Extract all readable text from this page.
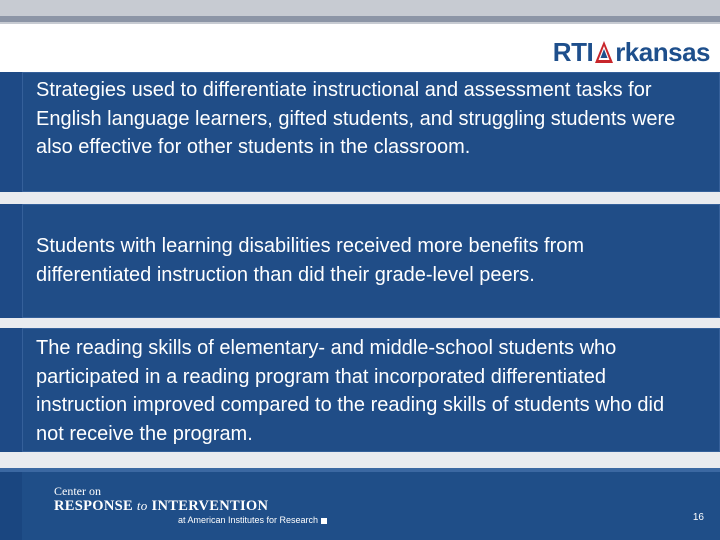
RTI rkansas
Strategies used to differentiate instructional and assessment tasks for English language learners, gifted students, and struggling students were also effective for other students in the classroom.
Students with learning disabilities received more benefits from differentiated instruction than did their grade-level peers.
The reading skills of elementary- and middle-school students who participated in a reading program that incorporated differentiated instruction improved compared to the reading skills of students who did not receive the program.
Center on
RESPONSE to INTERVENTION
at American Institutes for Research	16
